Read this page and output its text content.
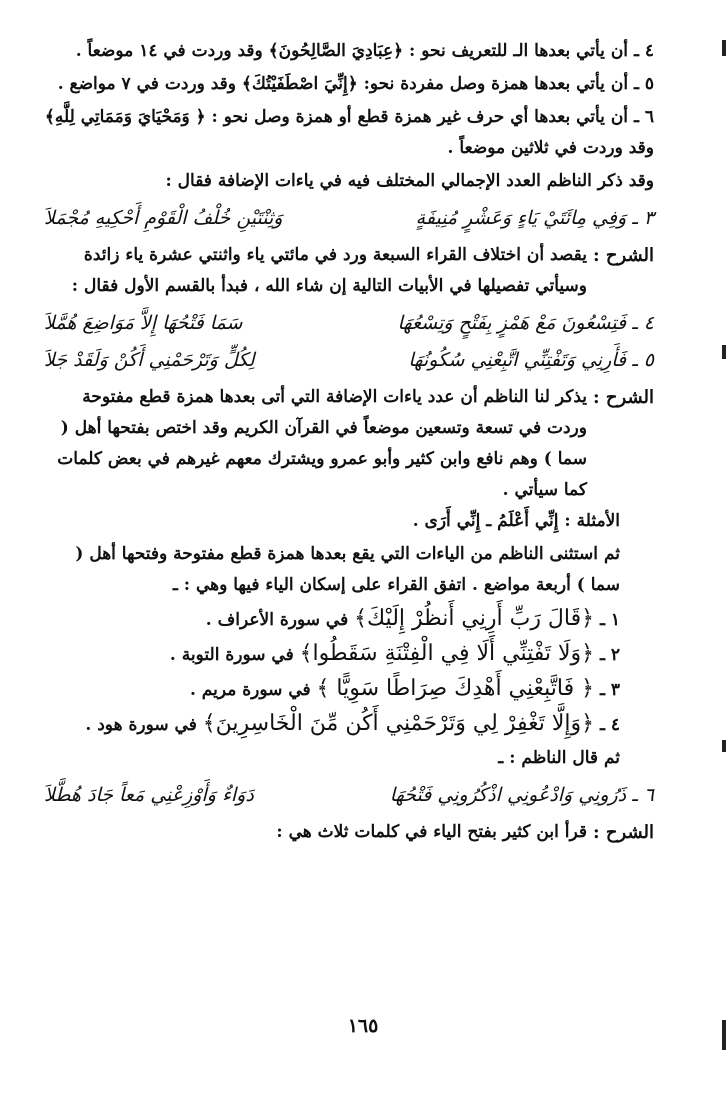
٤ ـ أن يأتي بعدها الـ للتعريف نحو : ﴿عِبَادِيَ الصَّالِحُونَ﴾ وقد وردت في ١٤ موضعاً .

٥ ـ أن يأتي بعدها همزة وصل مفردة نحو: ﴿إِنِّيَ اصْطَفَيْتُكَ﴾ وقد وردت في ٧ مواضع .

٦ ـ أن يأتي بعدها أي حرف غير همزة قطع أو همزة وصل نحو : ﴿ وَمَحْيَايَ وَمَمَاتِي لِلَّهِ﴾ وقد وردت في ثلاثين موضعاً .

وقد ذكر الناظم العدد الإجمالي المختلف فيه في ياءات الإضافة فقال :

٣ ـ وَفِي مِائَتَيْ يَاءٍ وَعَشْرٍ مُنِيفَةٍ
وَثِنْتَيْنِ خُلْفُ الْقَوْمِ أَحْكِيهِ مُجْمَلاَ
الشرح :
يقصد أن اختلاف القراء السبعة ورد في مائتي ياء واثنتي عشرة ياء زائدة وسيأتي تفصيلها في الأبيات التالية إن شاء الله ، فبدأ بالقسم الأول فقال :
٤ ـ فَتِسْعُونَ مَعْ هَمْزٍ بِفَتْحٍ وَتِسْعُهَا
سَمَا فَتْحُهَا إِلاَّ مَوَاضِعَ هُمَّلاَ
٥ ـ فَأَرِنِي وَتَفْتِنِّي اتَّبِعْنِي سُكُونُهَا
لِكُلٍّ وَتَرْحَمْنِي أَكُنْ وَلَقَدْ جَلاَ
الشرح :
يذكر لنا الناظم أن عدد ياءات الإضافة التي أتى بعدها همزة قطع مفتوحة وردت في تسعة وتسعين موضعاً في القرآن الكريم وقد اختص بفتحها أهل ( سما ) وهم نافع وابن كثير وأبو عمرو ويشترك معهم غيرهم في بعض كلمات كما سيأتي .

الأمثلة : إِنِّي أَعْلَمُ ـ إِنِّي أَرَى .

ثم استثنى الناظم من الياءات التي يقع بعدها همزة قطع مفتوحة وفتحها أهل ( سما ) أربعة مواضع . اتفق القراء على إسكان الياء فيها وهي : ـ

١ ـ ﴿قَالَ رَبِّ أَرِنِي أَنظُرْ إِلَيْكَ﴾ في سورة الأعراف .

٢ ـ ﴿وَلَا تَفْتِنِّي أَلَا فِي الْفِتْنَةِ سَقَطُوا﴾ في سورة التوبة .

٣ ـ ﴿ فَاتَّبِعْنِي أَهْدِكَ صِرَاطًا سَوِيًّا ﴾ في سورة مريم .

٤ ـ ﴿وَإِلَّا تَغْفِرْ لِي وَتَرْحَمْنِي أَكُن مِّنَ الْخَاسِرِينَ﴾ في سورة هود .

ثم قال الناظم : ـ

٦ ـ ذَرُونِي وَادْعُونِي اذْكُرُونِي فَتْحُهَا
دَوَاءٌ وَأَوْزِعْنِي مَعاً جَادَ هُطَّلاَ
الشرح :
قرأ ابن كثير بفتح الياء في كلمات ثلاث هي :
١٦٥
